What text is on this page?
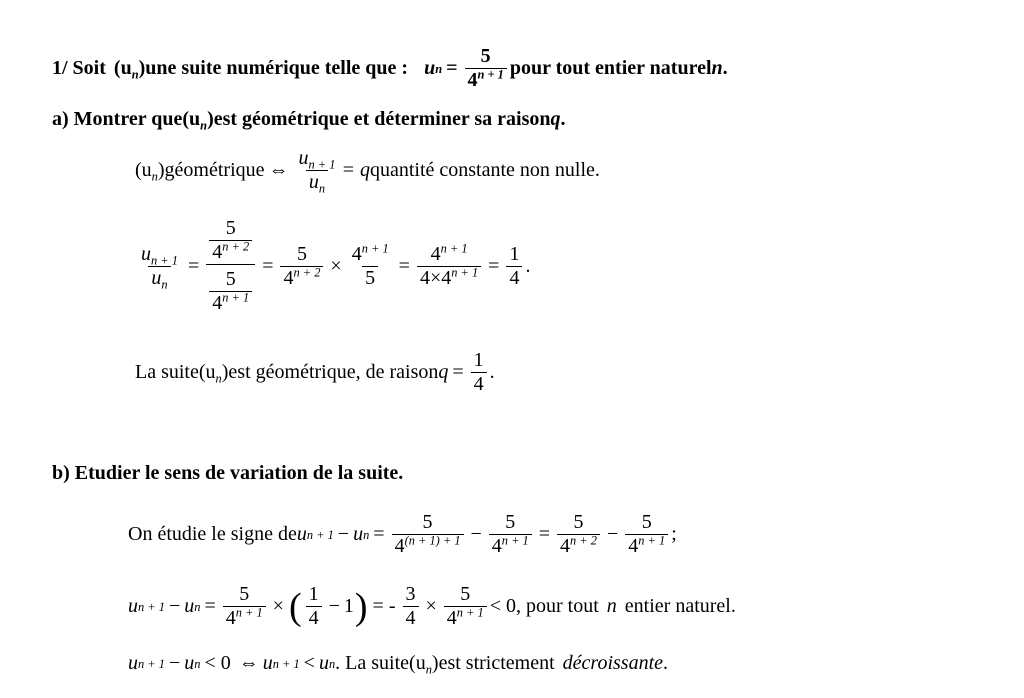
1/ Soit $(u_n)$ une suite numérique telle que : u $n = \frac{5}{4^{n + 1}}$ pour tout entier naturel n .
a) Montrer que $(u_n)$ est géométrique et déterminer sa raison q .
$(u_n)$ géométrique ⇔ $\frac{u_{n + 1}}{u_n} = q$ quantité constante non nulle.
$\frac{u_{n + 1}}{u_n} = \frac{\frac{5}{4^{n + 2}}}{\frac{5}{4^{n + 1}}} = \frac{5}{4^{n + 2}} \times \frac{4^{n + 1}}{5} = \frac{4^{n + 1}}{4\times 4^{n + 1}} = \frac{1}{4}$ .
La suite $(u_n)$ est géométrique, de raison $q = \frac{1}{4}$ .
b) Etudier le sens de variation de la suite.
On étudie le signe de u n + 1 − u $n = \frac{5}{4^{(n + 1) + 1}} - \frac{5}{4^{n + 1}} = \frac{5}{4^{n + 2}} - \frac{5}{4^{n + 1}}$ ;
u n + 1 − u $n = \frac{5}{4^{n + 1}}$ × ( $\frac{1}{4} - 1$ ) = - $\frac{3}{4} \times \frac{5}{4^{n + 1}} < 0$ , pour tout n entier naturel.
u n + 1 − u n < 0 ⇔ u n + 1 < u n . La suite $(u_n)$ est strictement décroissante .
